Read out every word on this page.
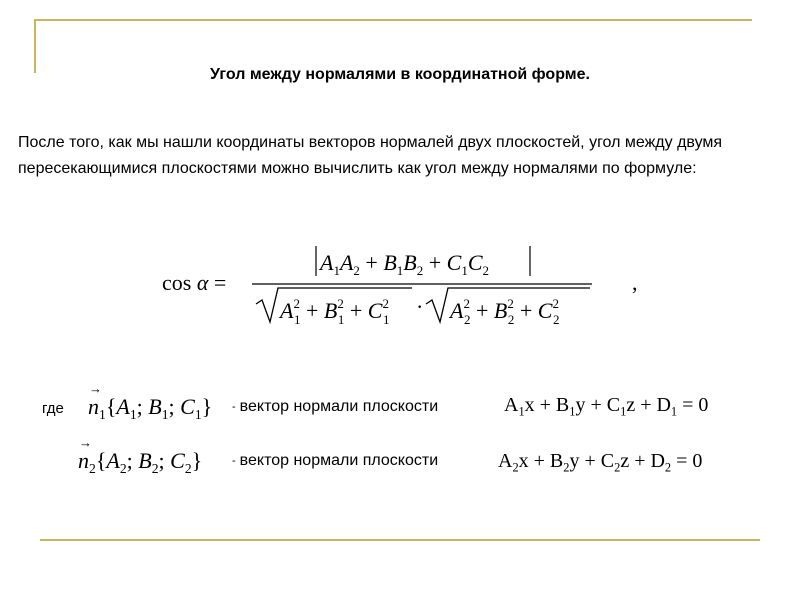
Угол между нормалями в координатной форме.
После того, как мы нашли координаты векторов нормалей двух плоскостей, угол между двумя пересекающимися плоскостями можно вычислить как угол между нормалями по формуле:
cos α =
$A_1A_2 + B_1B_2 + C_1C_2$
$A^2$ $1 + B^2$ $1 + C^2$ 1
· $A^2$ $2 + B^2$ $2 + C^2$ 2
,
где
→ $n_1\{A_1$; $B_1$; $C_1$} - вектор нормали плоскости	$A_1x + B_1y + C_1z + D_1 = 0$
→ $n_2\{A_2$; $B_2$; $C_2$}	- вектор нормали плоскости	$A_2x + B_2y + C_2z + D_2 = 0$
